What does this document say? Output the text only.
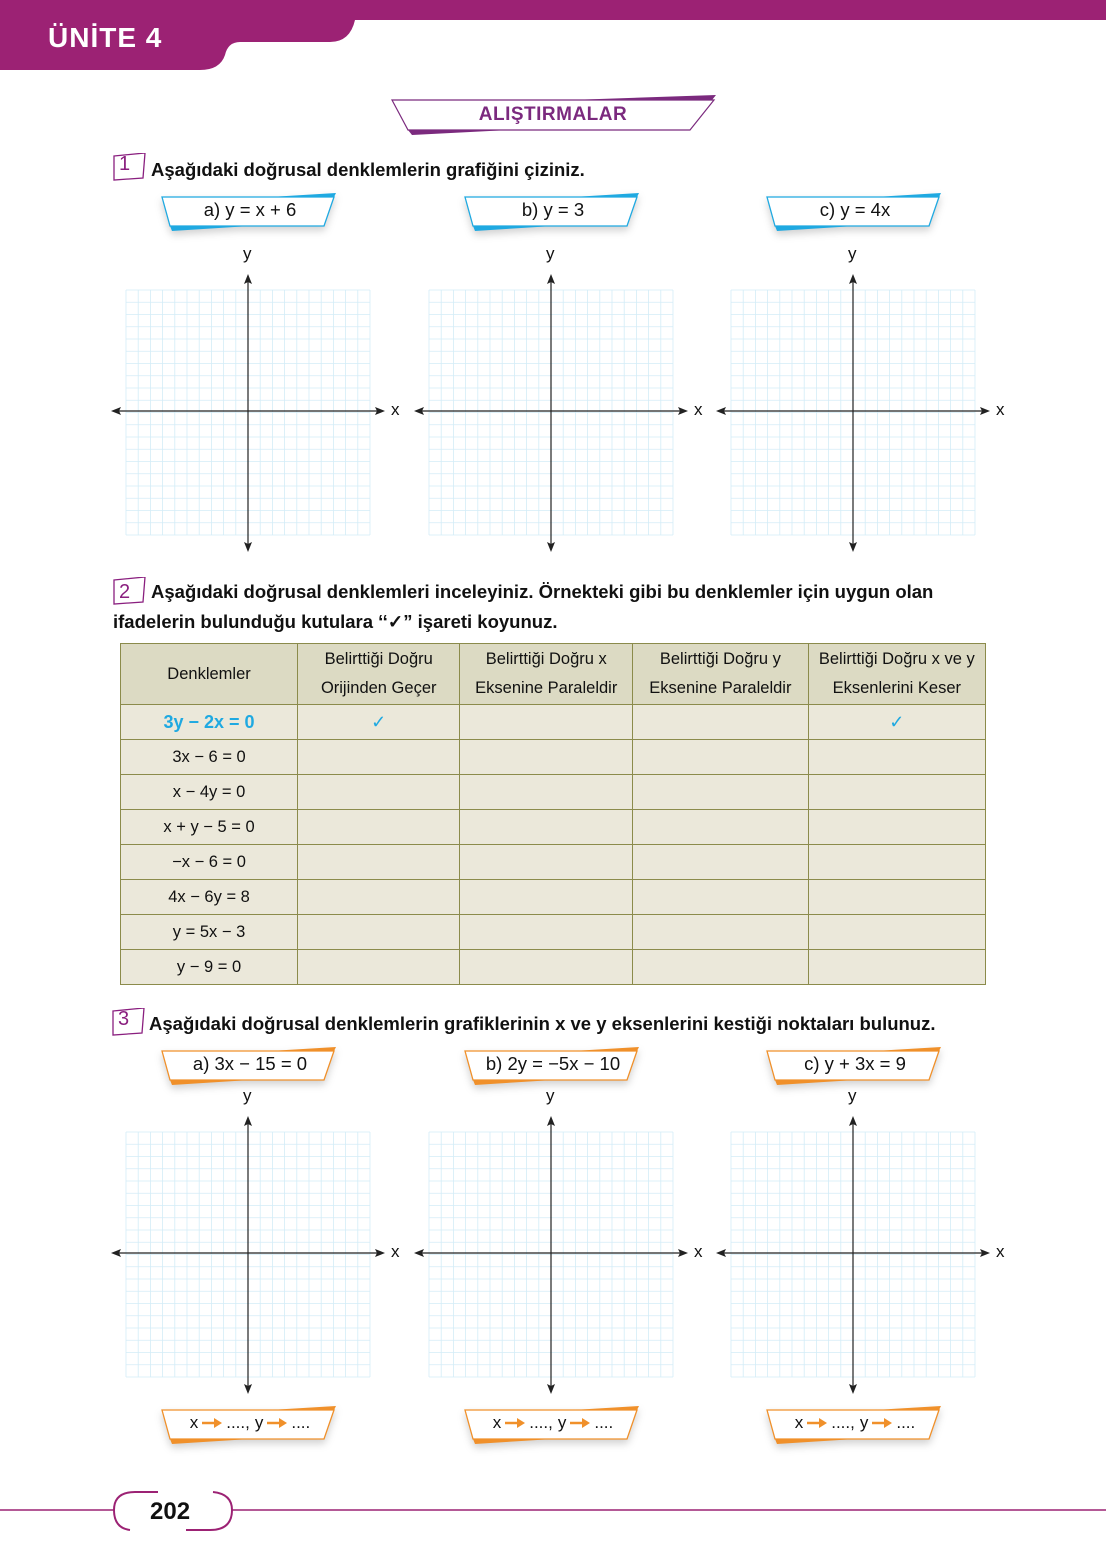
ÜNİTE 4
ALIŞTIRMALAR
1 Aşağıdaki doğrusal denklemlerin grafiğini çiziniz.
a) y = x + 6
x
y
b) y = 3
x
y
c) y = 4x
x
y
2 Aşağıdaki doğrusal denklemleri inceleyiniz. Örnekteki gibi bu denklemler için uygun olan ifadelerin bulunduğu kutulara ‘‘✓” işareti koyunuz.
Denklemler	Belirttiği Doğru Orijinden Geçer	Belirttiği Doğru x Eksenine Paraleldir	Belirttiği Doğru y Eksenine Paraleldir	Belirttiği Doğru x ve y Eksenlerini Keser
3y − 2x = 0	✓			✓
3x − 6 = 0				
x − 4y = 0				
x + y − 5 = 0				
−x − 6 = 0				
4x − 6y = 8				
y = 5x − 3				
y − 9 = 0				
3 Aşağıdaki doğrusal denklemlerin grafiklerinin x ve y eksenlerini kestiği noktaları bulunuz.
a) 3x − 15 = 0
x
y
x ...., y ....
b) 2y = −5x − 10
x
y
x ...., y ....
c) y + 3x = 9
x
y
x ...., y ....
202
